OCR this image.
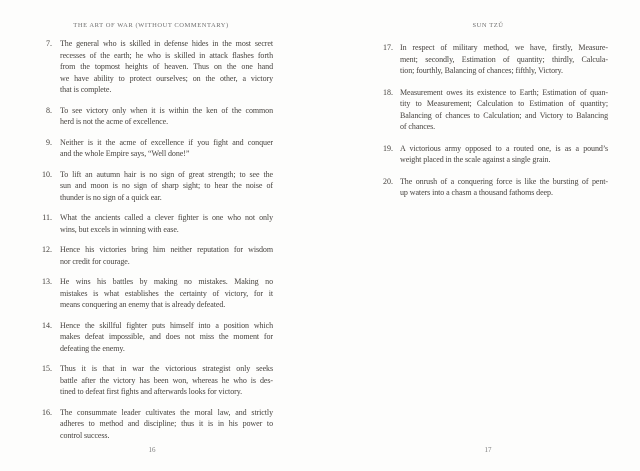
THE ART OF WAR (WITHOUT COMMENTARY)
7. The general who is skilled in defense hides in the most secret
recesses of the earth; he who is skilled in attack flashes forth
from the topmost heights of heaven. Thus on the one hand
we have ability to protect ourselves; on the other, a victory
that is complete.
8. To see victory only when it is within the ken of the common
herd is not the acme of excellence.
9. Neither is it the acme of excellence if you fight and conquer
and the whole Empire says, “Well done!”
10. To lift an autumn hair is no sign of great strength; to see the
sun and moon is no sign of sharp sight; to hear the noise of
thunder is no sign of a quick ear.
11. What the ancients called a clever fighter is one who not only
wins, but excels in winning with ease.
12. Hence his victories bring him neither reputation for wisdom
nor credit for courage.
13. He wins his battles by making no mistakes. Making no
mistakes is what establishes the certainty of victory, for it
means conquering an enemy that is already defeated.
14. Hence the skillful fighter puts himself into a position which
makes defeat impossible, and does not miss the moment for
defeating the enemy.
15. Thus it is that in war the victorious strategist only seeks
battle after the victory has been won, whereas he who is des-
tined to defeat first fights and afterwards looks for victory.
16. The consummate leader cultivates the moral law, and strictly
adheres to method and discipline; thus it is in his power to
control success.
16
SUN TZŬ
17. In respect of military method, we have, firstly, Measure-
ment; secondly, Estimation of quantity; thirdly, Calcula-
tion; fourthly, Balancing of chances; fifthly, Victory.
18. Measurement owes its existence to Earth; Estimation of quan-
tity to Measurement; Calculation to Estimation of quantity;
Balancing of chances to Calculation; and Victory to Balancing
of chances.
19. A victorious army opposed to a routed one, is as a pound’s
weight placed in the scale against a single grain.
20. The onrush of a conquering force is like the bursting of pent-
up waters into a chasm a thousand fathoms deep.
17
